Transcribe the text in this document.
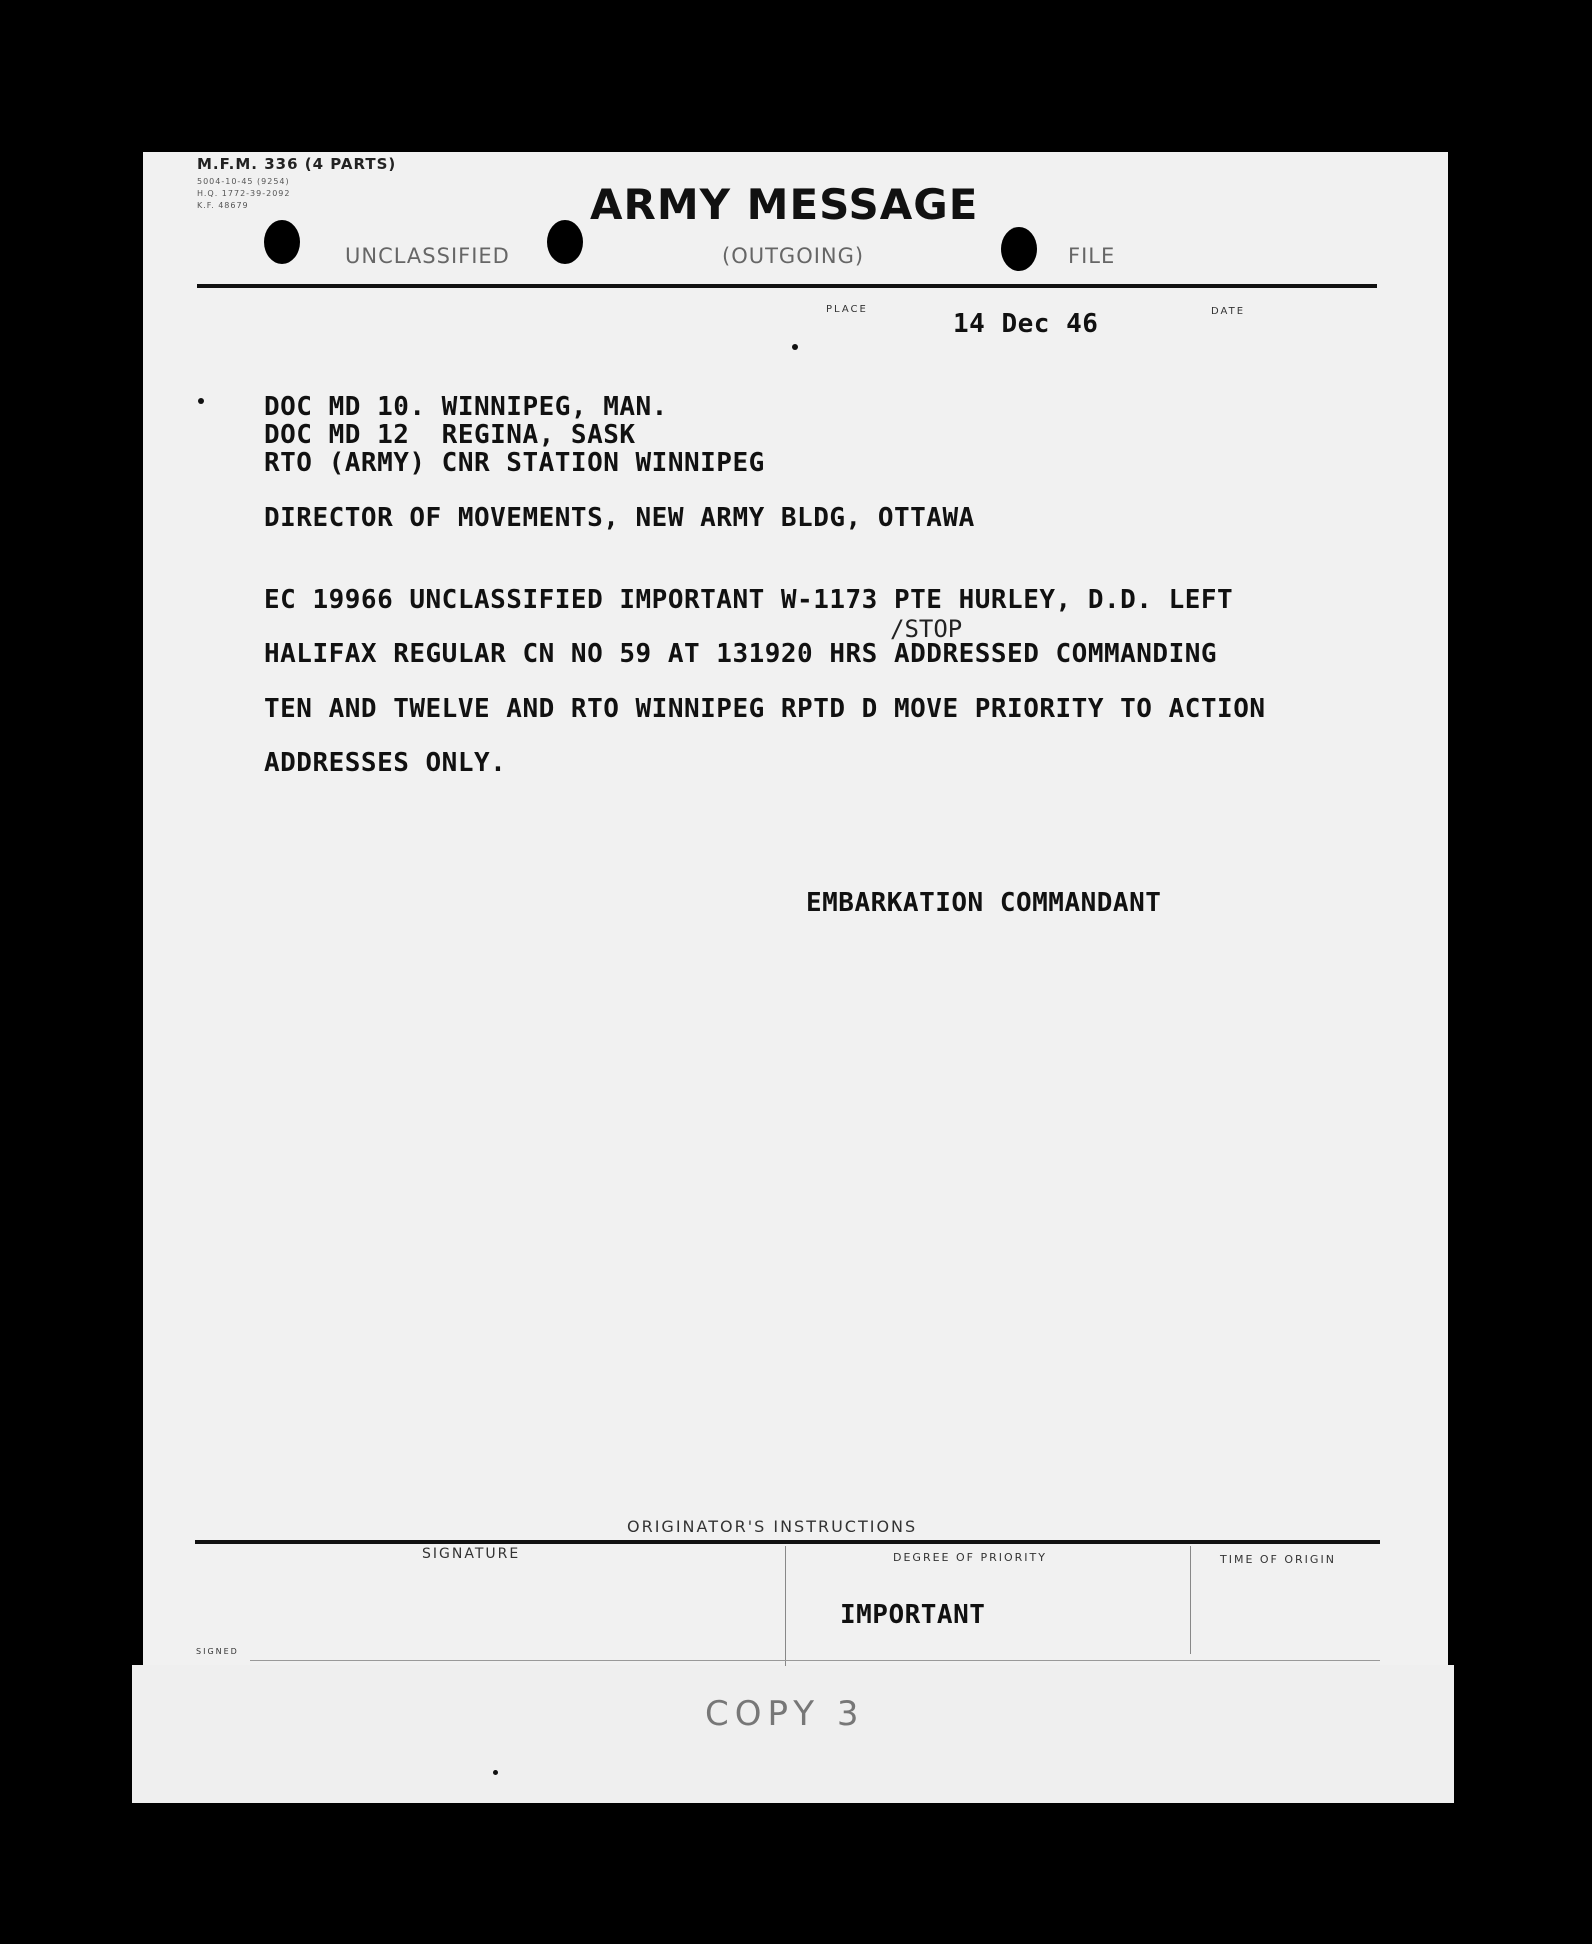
M.F.M. 336 (4 PARTS)
5004-10-45 (9254)
H.Q. 1772-39-2092
K.F. 48679	ARMY MESSAGE
UNCLASSIFIED	(OUTGOING)	FILE
PLACE	DATE
14 Dec 46
DOC MD 10. WINNIPEG, MAN.
DOC MD 12  REGINA, SASK
RTO (ARMY) CNR STATION WINNIPEG
DIRECTOR OF MOVEMENTS, NEW ARMY BLDG, OTTAWA
EC 19966 UNCLASSIFIED IMPORTANT W-1173 PTE HURLEY, D.D. LEFT
/STOP
HALIFAX REGULAR CN NO 59 AT 131920 HRS ADDRESSED COMMANDING
TEN AND TWELVE AND RTO WINNIPEG RPTD D MOVE PRIORITY TO ACTION
ADDRESSES ONLY.
EMBARKATION COMMANDANT
ORIGINATOR'S INSTRUCTIONS
SIGNATURE	DEGREE OF PRIORITY	TIME OF ORIGIN
IMPORTANT
SIGNED
COPY 3
